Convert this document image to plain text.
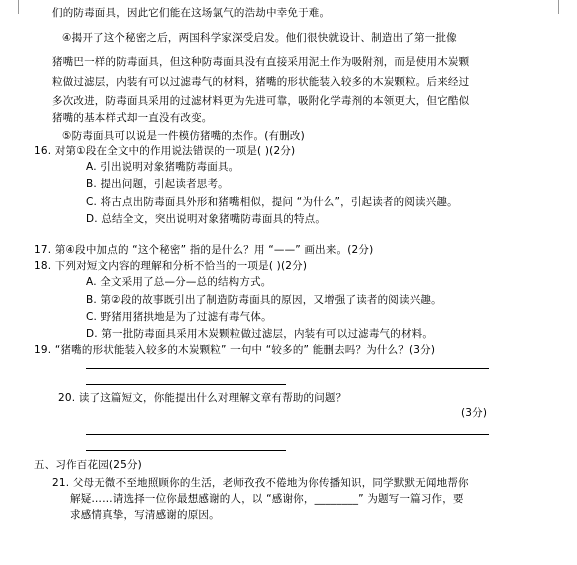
们的防毒面具，因此它们能在这场氯气的浩劫中幸免于难。
④揭开了这个秘密之后，两国科学家深受启发。他们很快就设计、制造出了第一批像
猪嘴巴一样的防毒面具，但这种防毒面具没有直接采用泥土作为吸附剂，而是使用木炭颗
粒做过滤层，内装有可以过滤毒气的材料，猪嘴的形状能装入较多的木炭颗粒。后来经过
多次改进，防毒面具采用的过滤材料更为先进可靠，吸附化学毒剂的本领更大，但它酷似
猪嘴的基本样式却一直没有改变。
⑤防毒面具可以说是一件模仿猪嘴的杰作。(有删改)
16. 对第①段在全文中的作用说法错误的一项是( )(2分)
A. 引出说明对象猪嘴防毒面具。
B. 提出问题，引起读者思考。
C. 将古点出防毒面具外形和猪嘴相似，提问 “为什么”，引起读者的阅读兴趣。
D. 总结全文，突出说明对象猪嘴防毒面具的特点。
17. 第④段中加点的 “这个秘密” 指的是什么？用 “——” 画出来。(2分)
18. 下列对短文内容的理解和分析不恰当的一项是( )(2分)
A. 全文采用了总—分—总的结构方式。
B. 第②段的故事既引出了制造防毒面具的原因，又增强了读者的阅读兴趣。
C. 野猪用猪拱地是为了过滤有毒气体。
D. 第一批防毒面具采用木炭颗粒做过滤层，内装有可以过滤毒气的材料。
19. “猪嘴的形状能装入较多的木炭颗粒” 一句中 “较多的” 能删去吗？为什么？(3分)
20. 读了这篇短文，你能提出什么对理解文章有帮助的问题？
(3分)
五、习作百花园(25分)
21. 父母无微不至地照顾你的生活，老师孜孜不倦地为你传播知识，同学默默无闻地帮你
解疑……请选择一位你最想感谢的人，以 “感谢你，________” 为题写一篇习作，要
求感情真挚，写清感谢的原因。
